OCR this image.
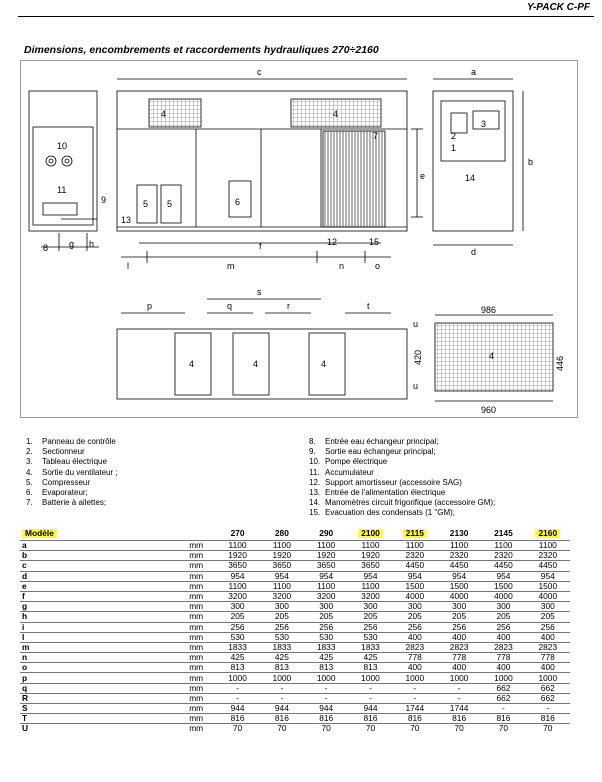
Y-PACK C-PF
Dimensions, encombrements et raccordements hydrauliques 270÷2160
c	a
b
e
d
l	m
f
n	o
g h
p	q
s
r	t
u
u
10
11
9
8
13
4	4
7
5 5	6
12	15
2
3
1
14
4	4	4
4
986
960
420	446
1.	Panneau de contrôle
2.	Sectionneur
3.	Tableau électrique
4.	Sortie du ventilateur ;
5.	Compresseur
6.	Evaporateur;
7.	Batterie à ailettes;
8.	Entrée eau échangeur principal;
9.	Sortie eau échangeur principal;
10. Pompe électrique
11. Accumulateur
12. Support amortisseur (accessoire SAG)
13. Entrée de l'alimentation électrique
14. Manomètres circuit frigorifique (accessoire GM);
15. Evacuation des condensats (1 "GM);
Modèle		270	280	290	2100	2115	2130	2145	2160
a	mm	1100	1100	1100	1100	1100	1100	1100	1100
b	mm	1920	1920	1920	1920	2320	2320	2320	2320
c	mm	3650	3650	3650	3650	4450	4450	4450	4450
d	mm	954	954	954	954	954	954	954	954
e	mm	1100	1100	1100	1100	1500	1500	1500	1500
f	mm	3200	3200	3200	3200	4000	4000	4000	4000
g	mm	300	300	300	300	300	300	300	300
h	mm	205	205	205	205	205	205	205	205
i	mm	256	256	256	256	256	256	256	256
l	mm	530	530	530	530	400	400	400	400
m	mm	1833	1833	1833	1833	2823	2823	2823	2823
n	mm	425	425	425	425	778	778	778	778
o	mm	813	813	813	813	400	400	400	400
p	mm	1000	1000	1000	1000	1000	1000	1000	1000
q	mm	-	-	-	-	-	-	662	662
R	mm	-	-	-	-	-	-	662	662
S	mm	944	944	944	944	1744	1744	-	-
T	mm	816	816	816	816	816	816	816	816
U	mm	70	70	70	70	70	70	70	70
